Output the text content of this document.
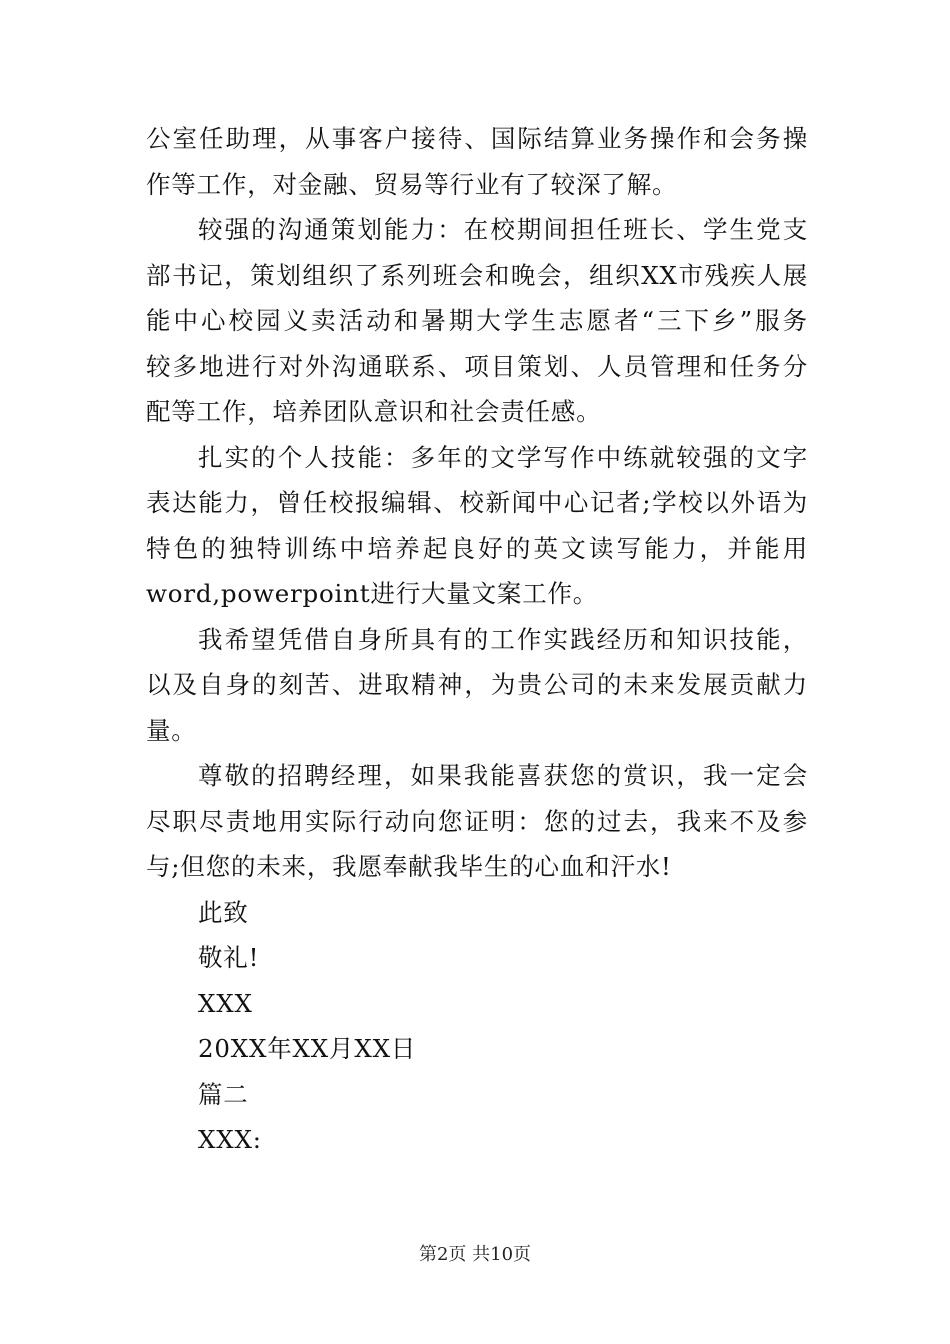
公室任助理，从事客户接待、国际结算业务操作和会务操
作等工作，对金融、贸易等行业有了较深了解。
较强的沟通策划能力：在校期间担任班长、学生党支
部书记，策划组织了系列班会和晚会，组织XX市残疾人展
能中心校园义卖活动和暑期大学生志愿者“三下乡”服务
较多地进行对外沟通联系、项目策划、人员管理和任务分
配等工作，培养团队意识和社会责任感。
扎实的个人技能：多年的文学写作中练就较强的文字
表达能力，曾任校报编辑、校新闻中心记者;学校以外语为
特色的独特训练中培养起良好的英文读写能力，并能用
word,powerpoint进行大量文案工作。
我希望凭借自身所具有的工作实践经历和知识技能，
以及自身的刻苦、进取精神，为贵公司的未来发展贡献力
量。
尊敬的招聘经理，如果我能喜获您的赏识，我一定会
尽职尽责地用实际行动向您证明：您的过去，我来不及参
与;但您的未来，我愿奉献我毕生的心血和汗水!
此致
敬礼!
XXX
20XX年XX月XX日
篇二
XXX:
第2页 共10页
